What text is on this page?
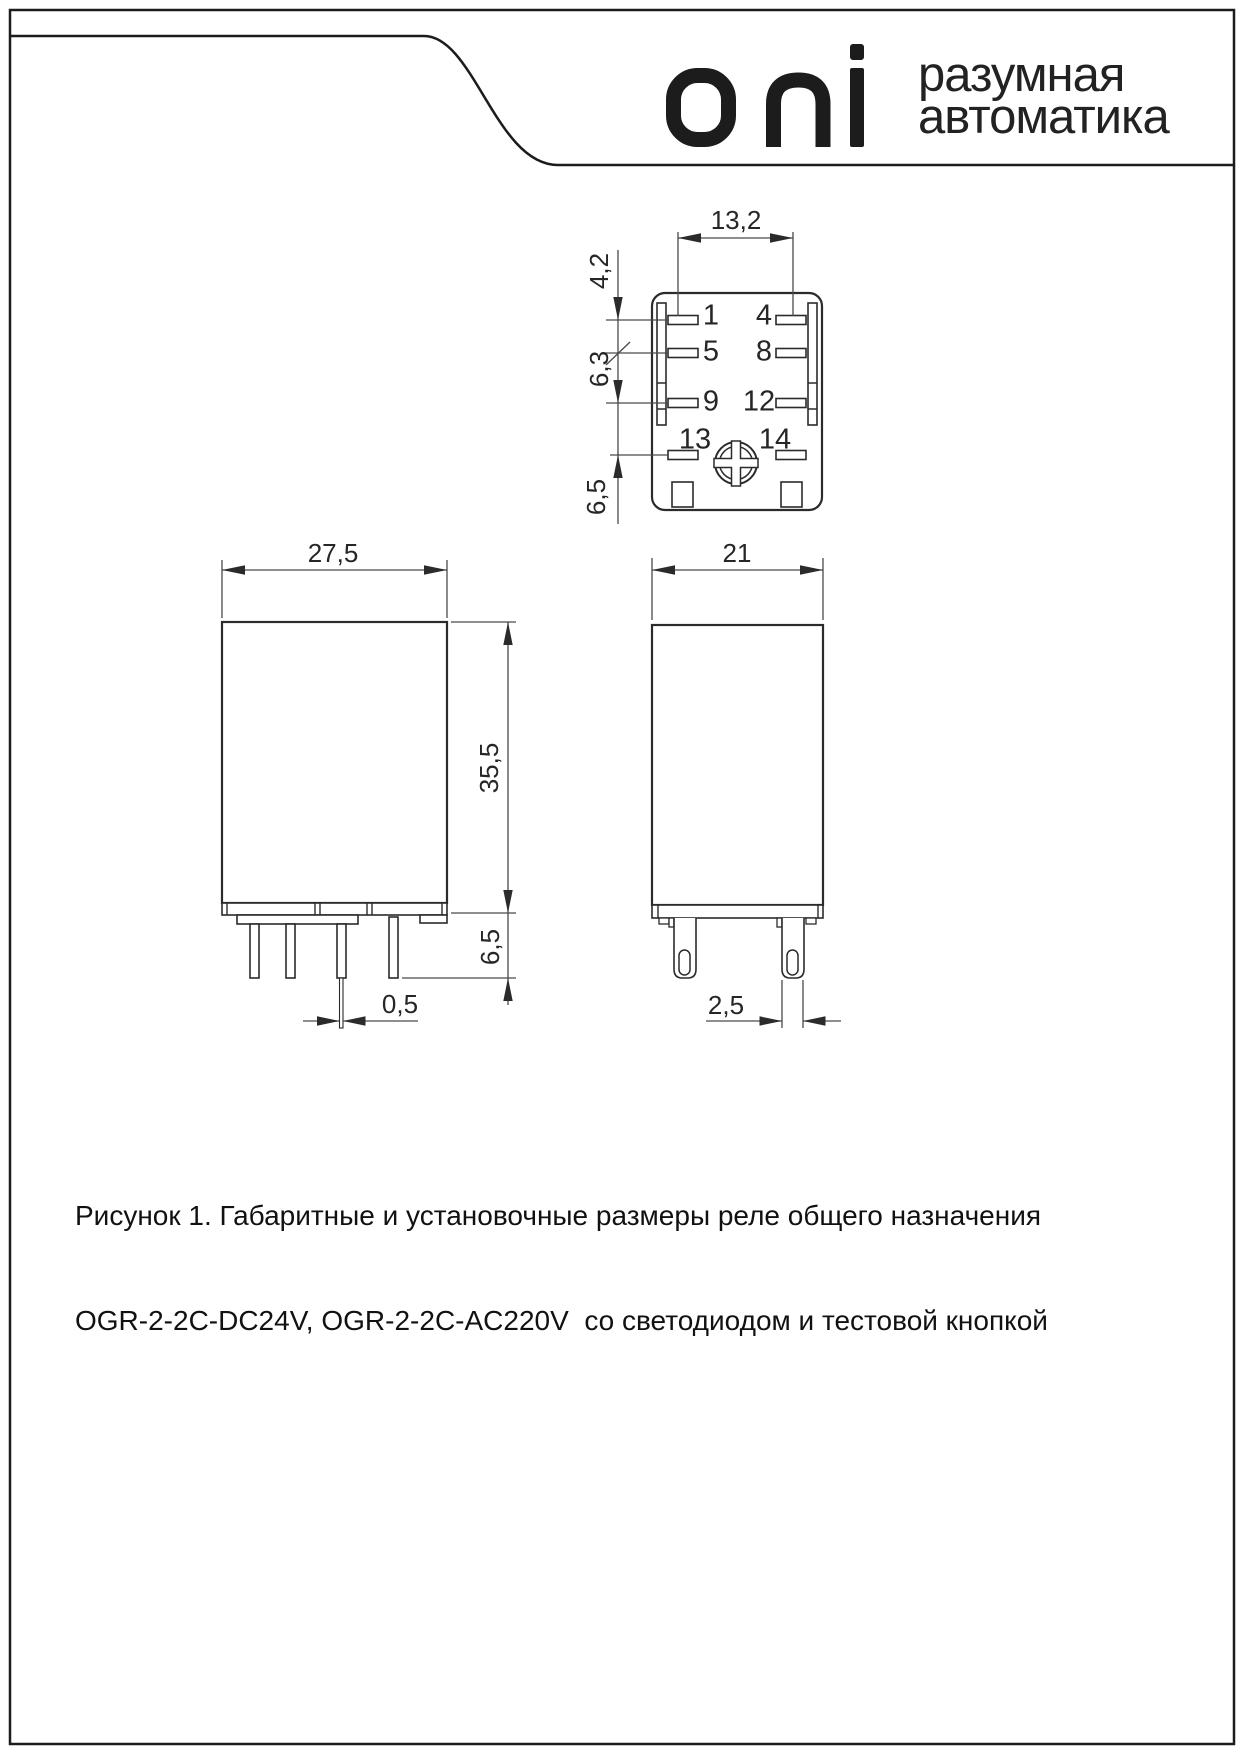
разумная
автоматика
1 4
5 8
9 12
13 14
13,2
4,2
6,3
6,5
27,5
35,5
6,5
0,5
21
2,5

Рисунок 1. Габаритные и установочные размеры реле общего назначения

OGR-2-2C-DC24V, OGR-2-2C-AC220V  со светодиодом и тестовой кнопкой
